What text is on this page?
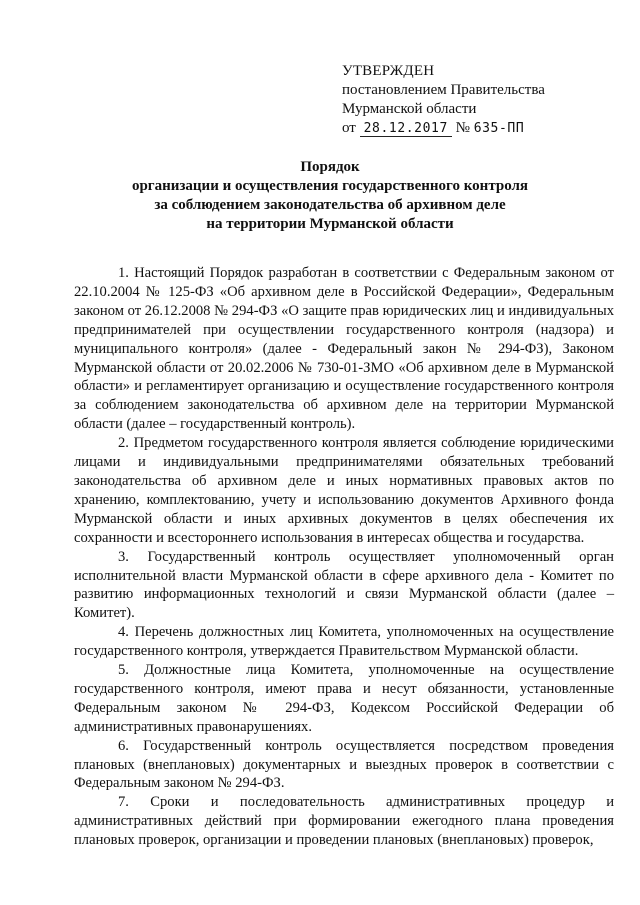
УТВЕРЖДЕН
постановлением Правительства
Мурманской области
от 28.12.2017 № 635-ПП
Порядок
организации и осуществления государственного контроля
за соблюдением законодательства об архивном деле
на территории Мурманской области

1. Настоящий Порядок разработан в соответствии с Федеральным законом от 22.10.2004 № 125-ФЗ «Об архивном деле в Российской Федерации», Федеральным законом от 26.12.2008 № 294-ФЗ «О защите прав юридических лиц и индивидуальных предпринимателей при осуществлении государственного контроля (надзора) и муниципального контроля» (далее - Федеральный закон № 294-ФЗ), Законом Мурманской области от 20.02.2006 № 730-01-ЗМО «Об архивном деле в Мурманской области» и регламентирует организацию и осуществление государственного контроля за соблюдением законодательства об архивном деле на территории Мурманской области (далее – государственный контроль).

2. Предметом государственного контроля является соблюдение юридическими лицами и индивидуальными предпринимателями обязательных требований законодательства об архивном деле и иных нормативных правовых актов по хранению, комплектованию, учету и использованию документов Архивного фонда Мурманской области и иных архивных документов в целях обеспечения их сохранности и всестороннего использования в интересах общества и государства.

3. Государственный контроль осуществляет уполномоченный орган исполнительной власти Мурманской области в сфере архивного дела - Комитет по развитию информационных технологий и связи Мурманской области (далее – Комитет).

4. Перечень должностных лиц Комитета, уполномоченных на осуществление государственного контроля, утверждается Правительством Мурманской области.

5. Должностные лица Комитета, уполномоченные на осуществление государственного контроля, имеют права и несут обязанности, установленные Федеральным законом № 294-ФЗ, Кодексом Российской Федерации об административных правонарушениях.

6. Государственный контроль осуществляется посредством проведения плановых (внеплановых) документарных и выездных проверок в соответствии с Федеральным законом № 294-ФЗ.

7. Сроки и последовательность административных процедур и административных действий при формировании ежегодного плана проведения плановых проверок, организации и проведении плановых (внеплановых) проверок,
